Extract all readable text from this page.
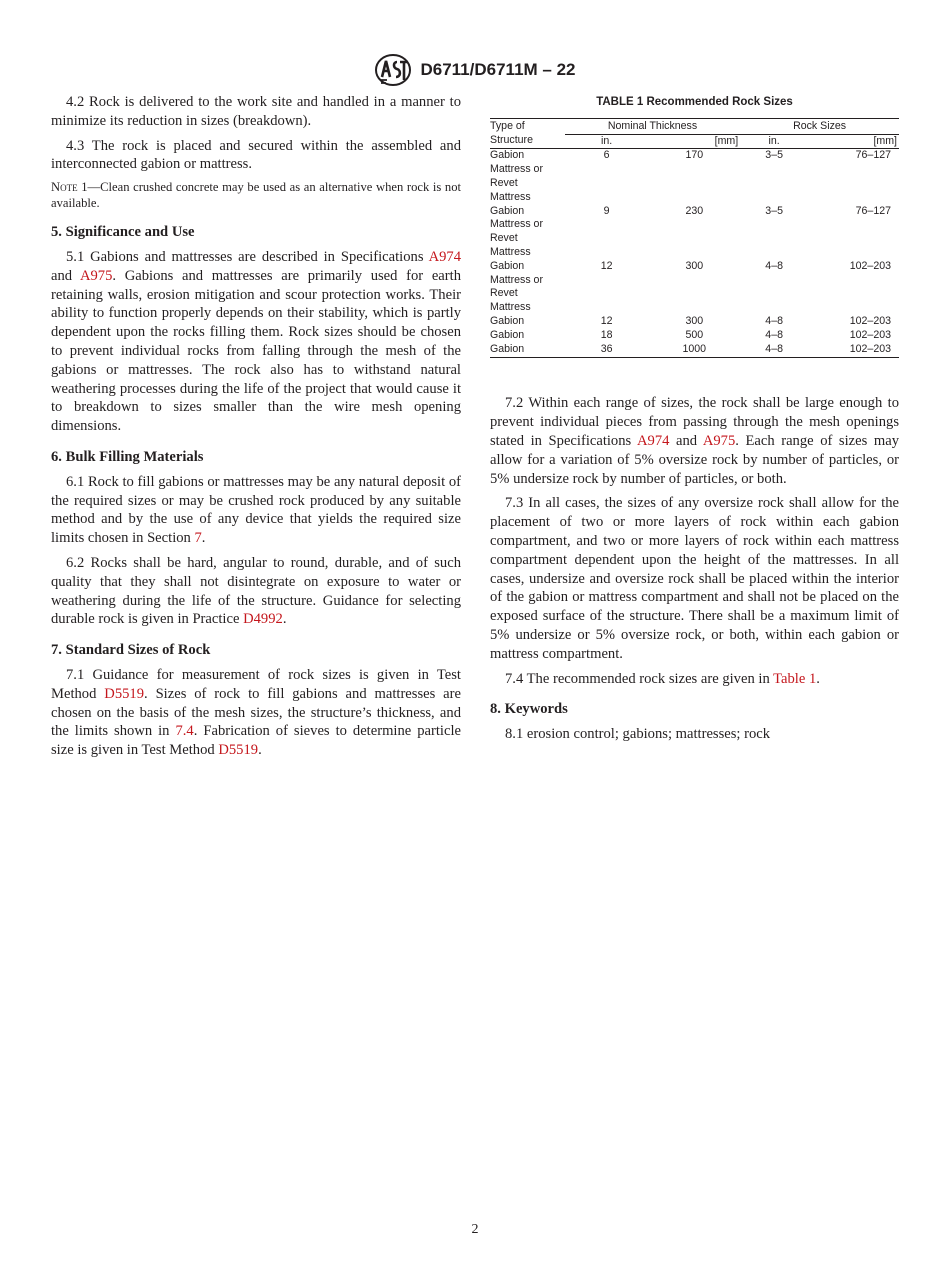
D6711/D6711M – 22

4.2 Rock is delivered to the work site and handled in a manner to minimize its reduction in sizes (breakdown).

4.3 The rock is placed and secured within the assembled and interconnected gabion or mattress.

Note 1—Clean crushed concrete may be used as an alternative when rock is not available.

5. Significance and Use

5.1 Gabions and mattresses are described in Specifications A974 and A975. Gabions and mattresses are primarily used for earth retaining walls, erosion mitigation and scour protection works. Their ability to function properly depends on their stability, which is partly dependent upon the rocks filling them. Rock sizes should be chosen to prevent individual rocks from falling through the mesh of the gabions or mattresses. The rock also has to withstand natural weathering processes during the life of the project that would cause it to breakdown to sizes smaller than the wire mesh opening dimensions.

6. Bulk Filling Materials

6.1 Rock to fill gabions or mattresses may be any natural deposit of the required sizes or may be crushed rock produced by any suitable method and by the use of any device that yields the required size limits chosen in Section 7.

6.2 Rocks shall be hard, angular to round, durable, and of such quality that they shall not disintegrate on exposure to water or weathering during the life of the structure. Guidance for selecting durable rock is given in Practice D4992.

7. Standard Sizes of Rock

7.1 Guidance for measurement of rock sizes is given in Test Method D5519. Sizes of rock to fill gabions and mattresses are chosen on the basis of the mesh sizes, the structure’s thickness, and the limits shown in 7.4. Fabrication of sieves to determine particle size is given in Test Method D5519.

TABLE 1 Recommended Rock Sizes
Type of	Nominal Thickness		Rock Sizes	
Structure	in.	[mm]	in.	[mm]

Gabion
Mattress or
Revet
Mattress	6	170	3–5	76–127

Gabion
Mattress or
Revet
Mattress	9	230	3–5	76–127

Gabion
Mattress or
Revet
Mattress	12	300	4–8	102–203

Gabion	12	300	4–8	102–203

Gabion	18	500	4–8	102–203

Gabion	36	1000	4–8	102–203

7.2 Within each range of sizes, the rock shall be large enough to prevent individual pieces from passing through the mesh openings stated in Specifications A974 and A975. Each range of sizes may allow for a variation of 5% oversize rock by number of particles, or 5% undersize rock by number of particles, or both.

7.3 In all cases, the sizes of any oversize rock shall allow for the placement of two or more layers of rock within each gabion compartment, and two or more layers of rock within each mattress compartment dependent upon the height of the mattresses. In all cases, undersize and oversize rock shall be placed within the interior of the gabion or mattress compartment and shall not be placed on the exposed surface of the structure. There shall be a maximum limit of 5% undersize or 5% oversize rock, or both, within each gabion or mattress compartment.

7.4 The recommended rock sizes are given in Table 1.

8. Keywords

8.1 erosion control; gabions; mattresses; rock

2
